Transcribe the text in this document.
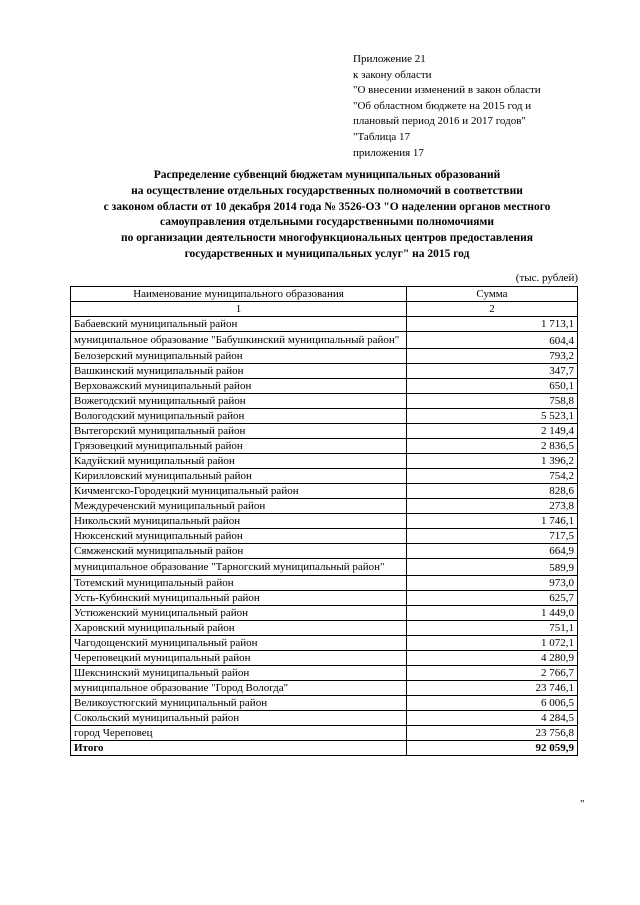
Приложение 21
к закону области
"О внесении изменений в закон области
"Об областном бюджете на 2015 год и
плановый период 2016 и 2017 годов"
"Таблица 17
приложения 17
Распределение субвенций бюджетам муниципальных образований
на осуществление отдельных государственных полномочий в соответствии
с законом области от 10 декабря 2014 года № 3526-ОЗ "О наделении органов местного
самоуправления отдельными государственными полномочиями
по организации деятельности многофункциональных центров предоставления
государственных и муниципальных услуг" на 2015 год
(тыс. рублей)
Наименование муниципального образования	Сумма
1	2
Бабаевский муниципальный район	1 713,1
муниципальное образование "Бабушкинский муниципальный район"	604,4
Белозерский муниципальный район	793,2
Вашкинский муниципальный район	347,7
Верховажский муниципальный район	650,1
Вожегодский муниципальный район	758,8
Вологодский муниципальный район	5 523,1
Вытегорский муниципальный район	2 149,4
Грязовецкий муниципальный район	2 836,5
Кадуйский муниципальный район	1 396,2
Кирилловский муниципальный район	754,2
Кичменгско-Городецкий муниципальный район	828,6
Междуреченский муниципальный район	273,8
Никольский муниципальный район	1 746,1
Нюксенский муниципальный район	717,5
Сямженский муниципальный район	664,9
муниципальное образование "Тарногский муниципальный район"	589,9
Тотемский муниципальный район	973,0
Усть-Кубинский муниципальный район	625,7
Устюженский муниципальный район	1 449,0
Харовский муниципальный район	751,1
Чагодощенский муниципальный район	1 072,1
Череповецкий муниципальный район	4 280,9
Шекснинский муниципальный район	2 766,7
муниципальное образование "Город Вологда"	23 746,1
Великоустюгский муниципальный район	6 006,5
Сокольский муниципальный район	4 284,5
город Череповец	23 756,8
Итого	92 059,9
"
